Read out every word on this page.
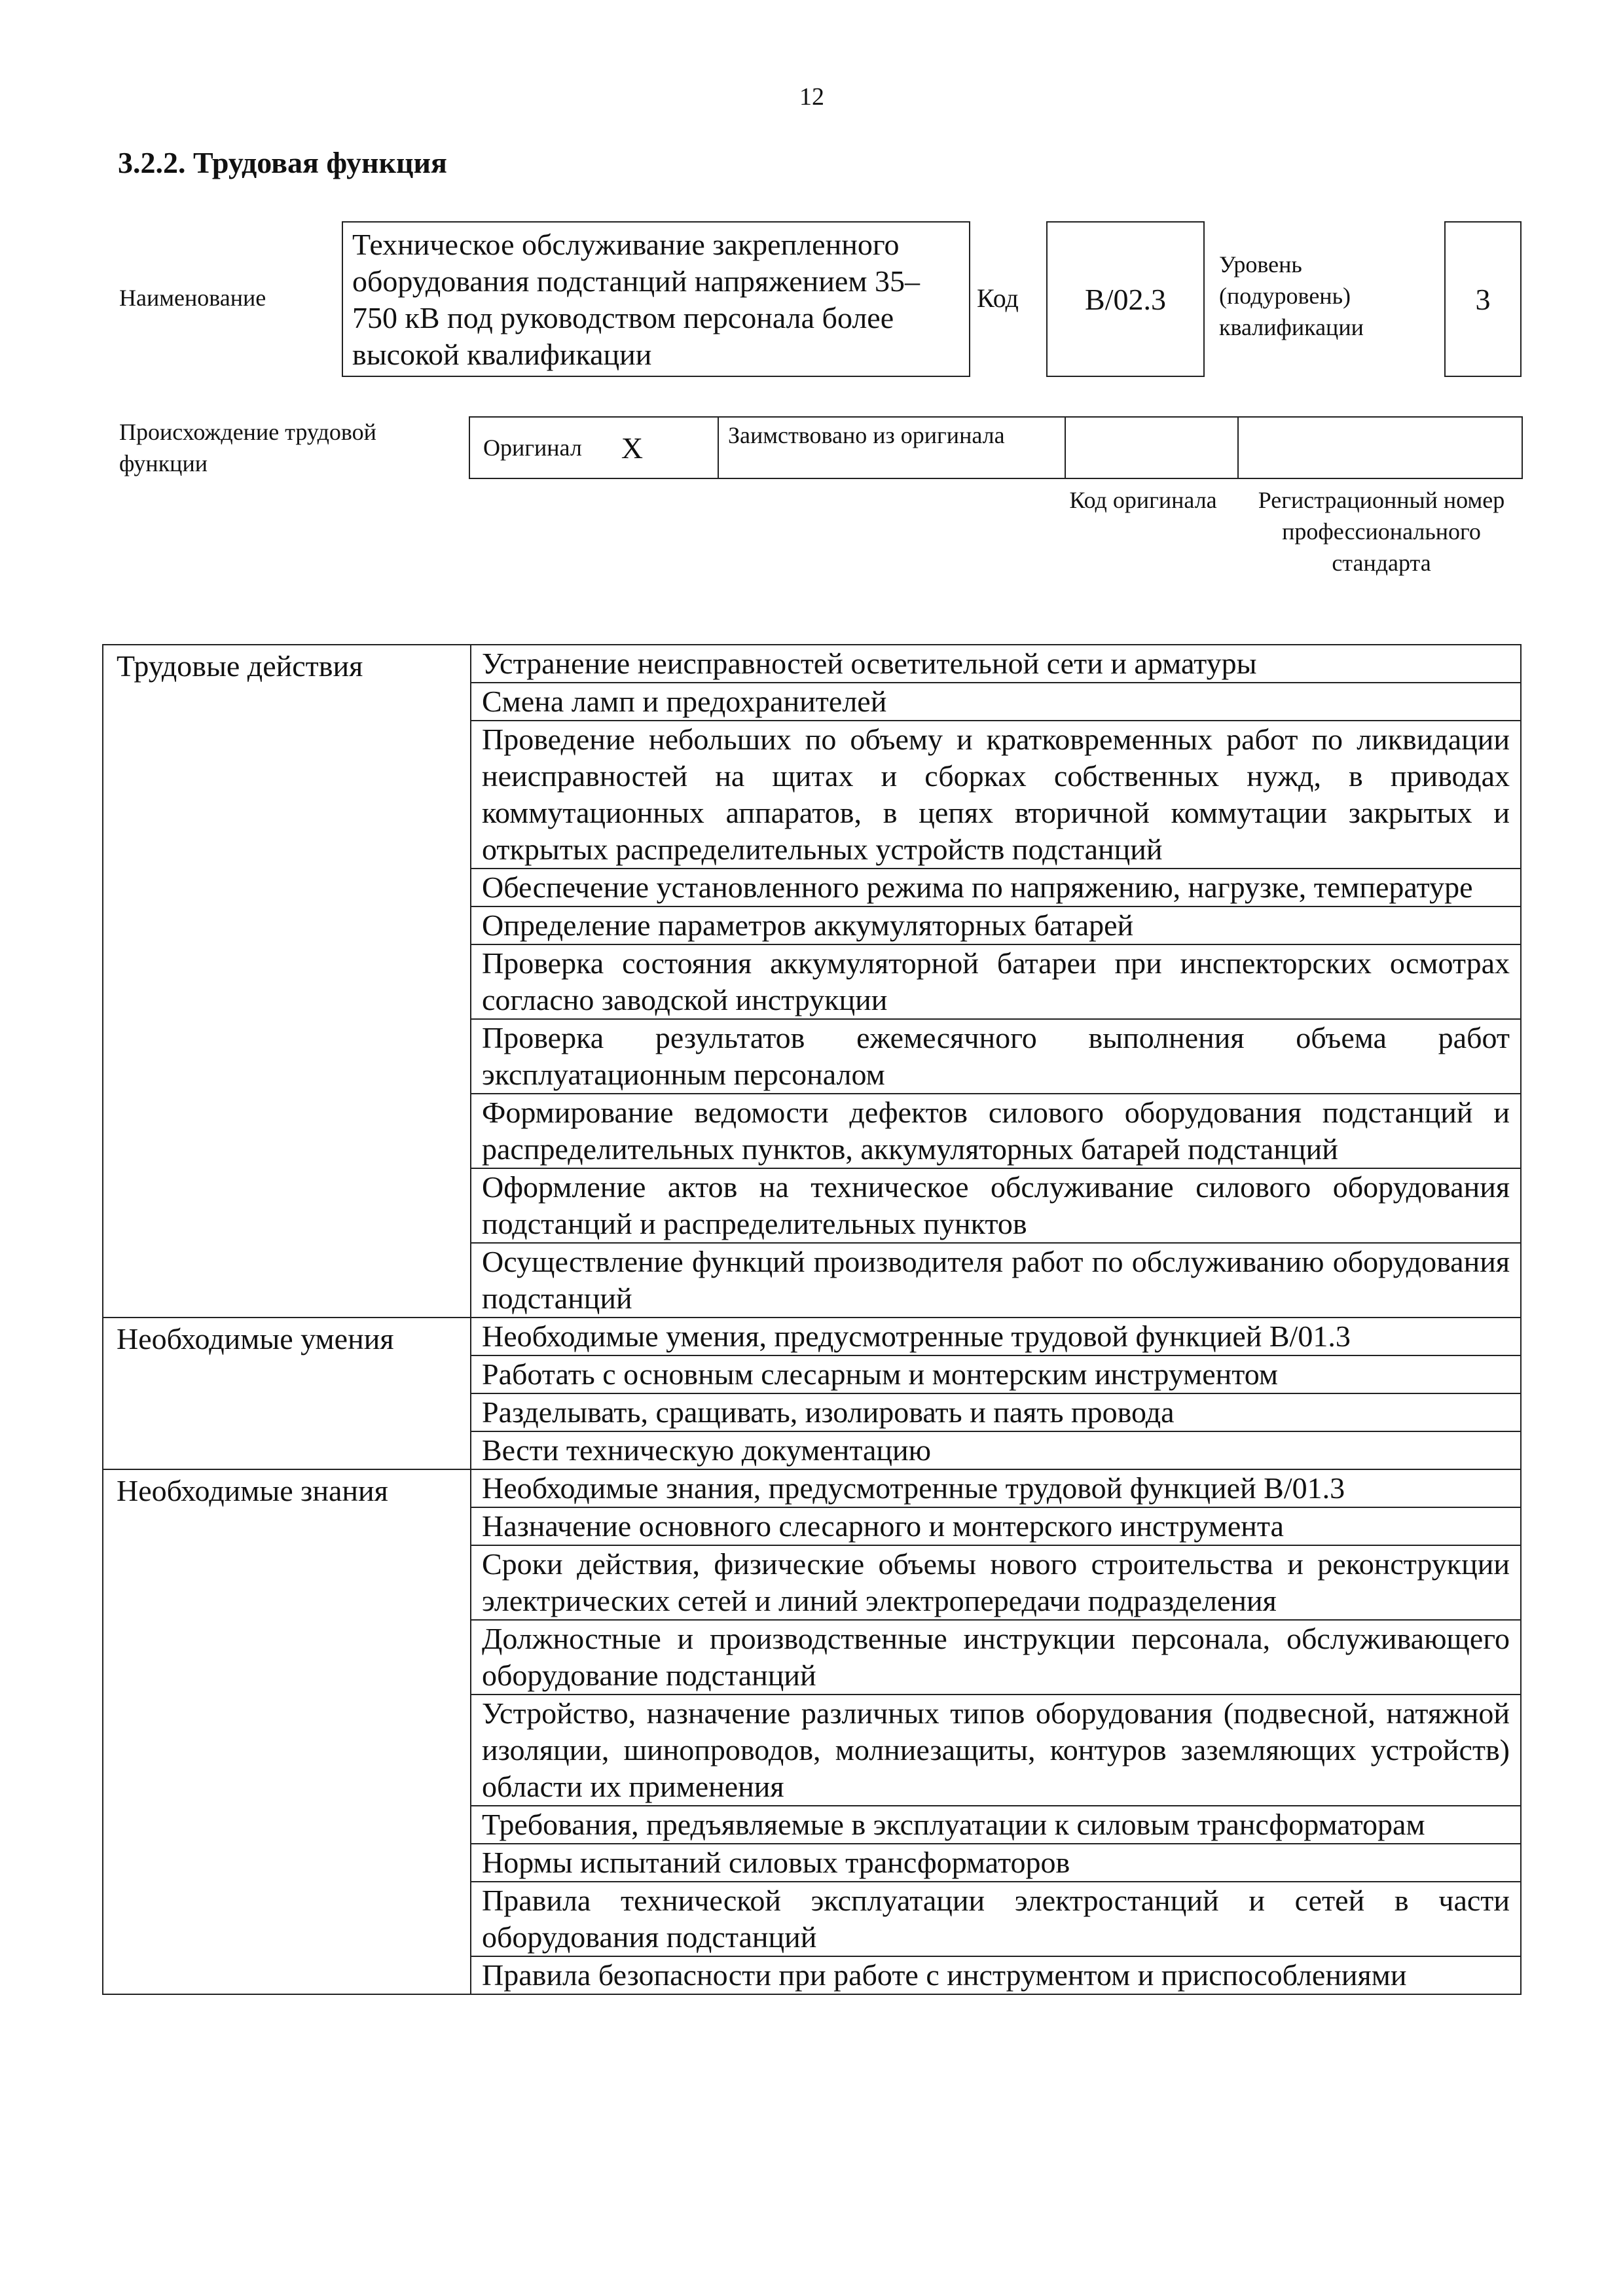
12
3.2.2. Трудовая функция
Наименование
Техническое обслуживание закрепленного оборудования подстанций напряжением 35–750 кВ под руководством персонала более высокой квалификации
Код	B/02.3
Уровень (подуровень) квалификации
3
Происхождение трудовой функции
Оригинал X	Заимствовано из оригинала
Код оригинала	Регистрационный номер профессионального стандарта
Трудовые действия	Устранение неисправностей осветительной сети и арматуры
	Смена ламп и предохранителей
	Проведение небольших по объему и кратковременных работ по ликвидации неисправностей на щитах и сборках собственных нужд, в приводах коммутационных аппаратов, в цепях вторичной коммутации закрытых и открытых распределительных устройств подстанций
	Обеспечение установленного режима по напряжению, нагрузке, температуре
	Определение параметров аккумуляторных батарей
	Проверка состояния аккумуляторной батареи при инспекторских осмотрах согласно заводской инструкции
	Проверка результатов ежемесячного выполнения объема работ эксплуатационным персоналом
	Формирование ведомости дефектов силового оборудования подстанций и распределительных пунктов, аккумуляторных батарей подстанций
	Оформление актов на техническое обслуживание силового оборудования подстанций и распределительных пунктов
	Осуществление функций производителя работ по обслуживанию оборудования подстанций
Необходимые умения	Необходимые умения, предусмотренные трудовой функцией B/01.3
	Работать с основным слесарным и монтерским инструментом
	Разделывать, сращивать, изолировать и паять провода
	Вести техническую документацию
Необходимые знания	Необходимые знания, предусмотренные трудовой функцией B/01.3
	Назначение основного слесарного и монтерского инструмента
	Сроки действия, физические объемы нового строительства и реконструкции электрических сетей и линий электропередачи подразделения
	Должностные и производственные инструкции персонала, обслуживающего оборудование подстанций
	Устройство, назначение различных типов оборудования (подвесной, натяжной изоляции, шинопроводов, молниезащиты, контуров заземляющих устройств) области их применения
	Требования, предъявляемые в эксплуатации к силовым трансформаторам
	Нормы испытаний силовых трансформаторов
	Правила технической эксплуатации электростанций и сетей в части оборудования подстанций
	Правила безопасности при работе с инструментом и приспособлениями
